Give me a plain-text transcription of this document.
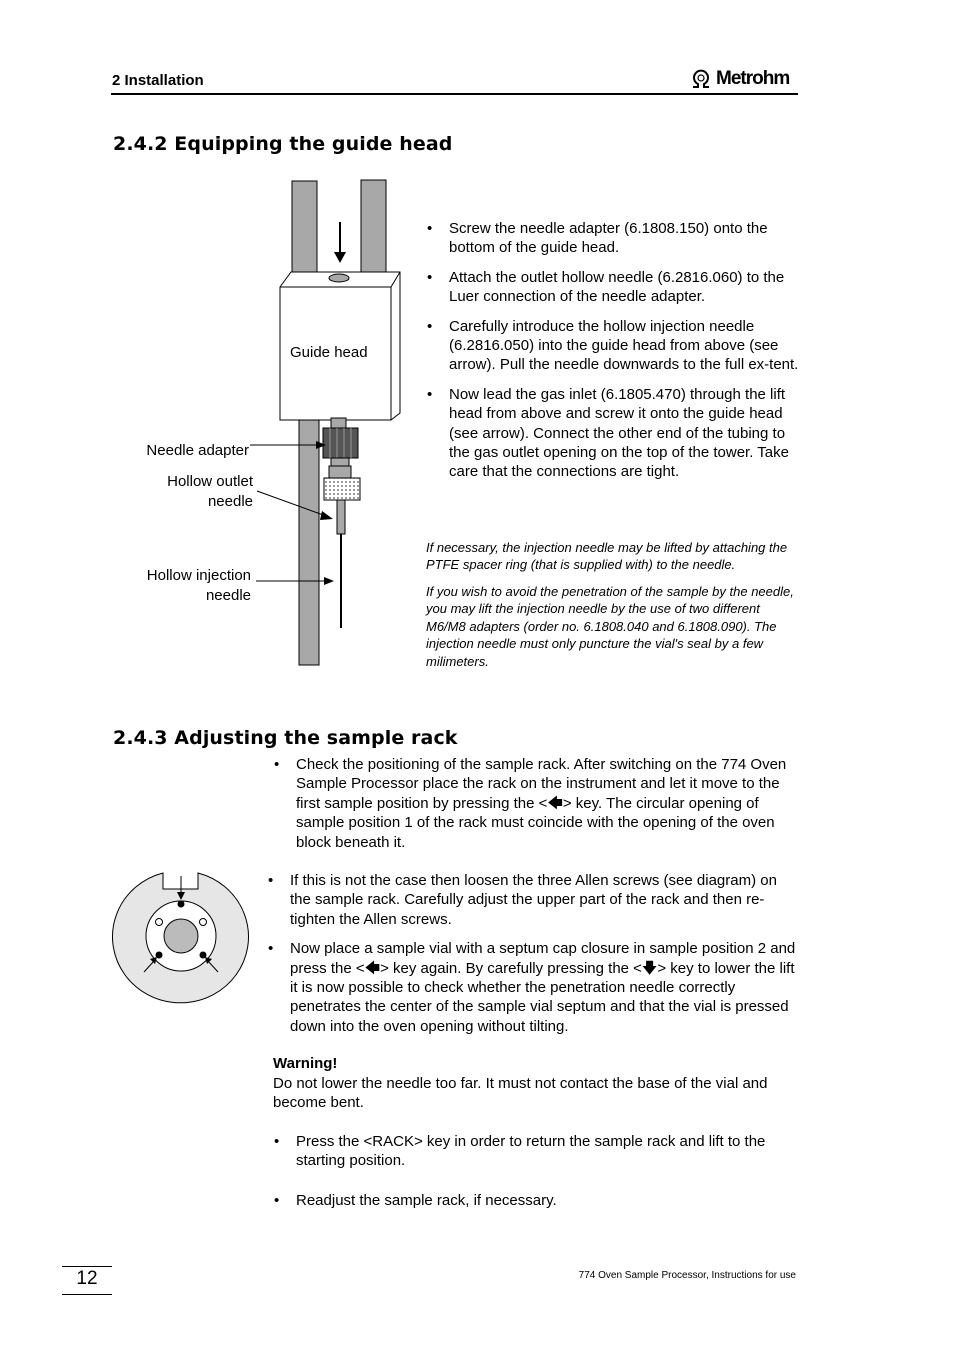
2 Installation	Metrohm
2.4.2 Equipping the guide head
Guide head
Needle adapter
Hollow outlet needle
Hollow injection needle
• Screw the needle adapter (6.1808.150) onto the bottom of the guide head.
• Attach the outlet hollow needle (6.2816.060) to the Luer connection of the needle adapter.
• Carefully introduce the hollow injection needle (6.2816.050) into the guide head from above (see arrow). Pull the needle downwards to the full ex-tent.
• Now lead the gas inlet (6.1805.470) through the lift head from above and screw it onto the guide head (see arrow). Connect the other end of the tubing to the gas outlet opening on the top of the tower. Take care that the connections are tight.
If necessary, the injection needle may be lifted by attaching the PTFE spacer ring (that is supplied with) to the needle.
If you wish to avoid the penetration of the sample by the needle, you may lift the injection needle by the use of two different M6/M8 adapters (order no. 6.1808.040 and 6.1808.090). The injection needle must only puncture the vial's seal by a few milimeters.
2.4.3 Adjusting the sample rack
• Check the positioning of the sample rack. After switching on the 774 Oven Sample Processor place the rack on the instrument and let it move to the first sample position by pressing the <🡄> key. The circular opening of sample position 1 of the rack must coincide with the opening of the oven block beneath it.
• If this is not the case then loosen the three Allen screws (see diagram) on the sample rack. Carefully adjust the upper part of the rack and then re-tighten the Allen screws.
• Now place a sample vial with a septum cap closure in sample position 2 and press the <🡄> key again. By carefully pressing the <🡇> key to lower the lift it is now possible to check whether the penetration needle correctly penetrates the center of the sample vial septum and that the vial is pressed down into the oven opening without tilting.
Warning!
Do not lower the needle too far. It must not contact the base of the vial and become bent.
• Press the <RACK> key in order to return the sample rack and lift to the starting position.
• Readjust the sample rack, if necessary.
12	774 Oven Sample Processor, Instructions for use
